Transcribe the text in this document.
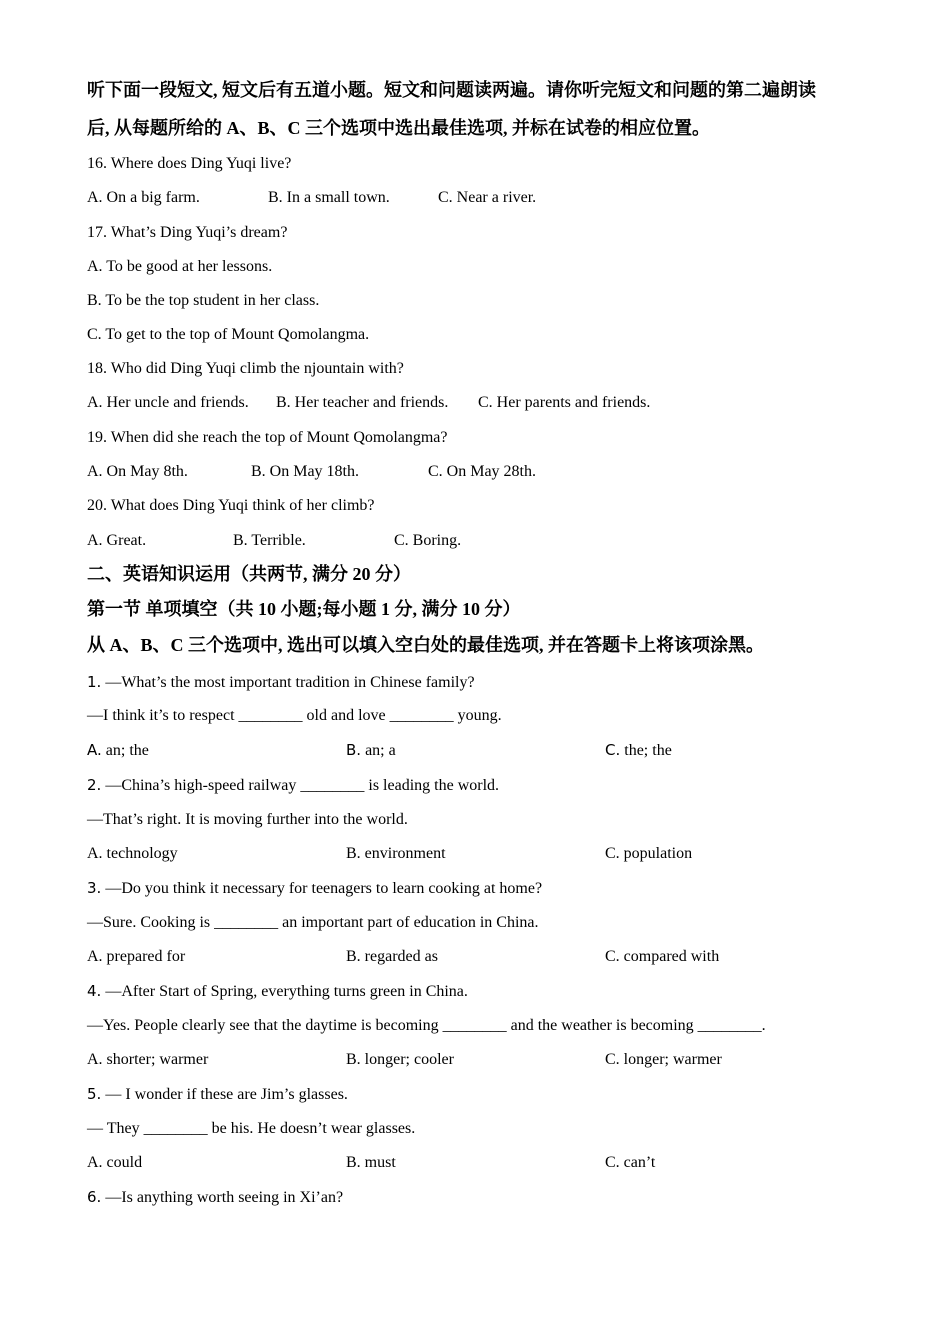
听下面一段短文, 短文后有五道小题。短文和问题读两遍。请你听完短文和问题的第二遍朗读
后, 从每题所给的 A、B、C 三个选项中选出最佳选项, 并标在试卷的相应位置。
16. Where does Ding Yuqi live?
A. On a big farm.	B. In a small town.	C. Near a river.
17. What’s Ding Yuqi’s dream?
A. To be good at her lessons.
B. To be the top student in her class.
C. To get to the top of Mount Qomolangma.
18. Who did Ding Yuqi climb the njountain with?
A. Her uncle and friends. B. Her teacher and friends. C. Her parents and friends.
19. When did she reach the top of Mount Qomolangma?
A. On May 8th.	B. On May 18th.	C. On May 28th.
20. What does Ding Yuqi think of her climb?
A. Great.	B. Terrible.	C. Boring.
二、英语知识运用（共两节, 满分 20 分）
第一节 单项填空（共 10 小题;每小题 1 分, 满分 10 分）
从 A、B、C 三个选项中, 选出可以填入空白处的最佳选项, 并在答题卡上将该项涂黑。
1. —What’s the most important tradition in Chinese family?
—I think it’s to respect ________ old and love ________ young.
A. an; the	B. an; a	C. the; the
2. —China’s high-speed railway ________ is leading the world.
—That’s right. It is moving further into the world.
A. technology	B. environment	C. population
3. —Do you think it necessary for teenagers to learn cooking at home?
—Sure. Cooking is ________ an important part of education in China.
A. prepared for	B. regarded as	C. compared with
4. —After Start of Spring, everything turns green in China.
—Yes. People clearly see that the daytime is becoming ________ and the weather is becoming ________.
A. shorter; warmer	B. longer; cooler	C. longer; warmer
5. — I wonder if these are Jim’s glasses.
— They ________ be his. He doesn’t wear glasses.
A. could	B. must	C. can’t
6. —Is anything worth seeing in Xi’an?
